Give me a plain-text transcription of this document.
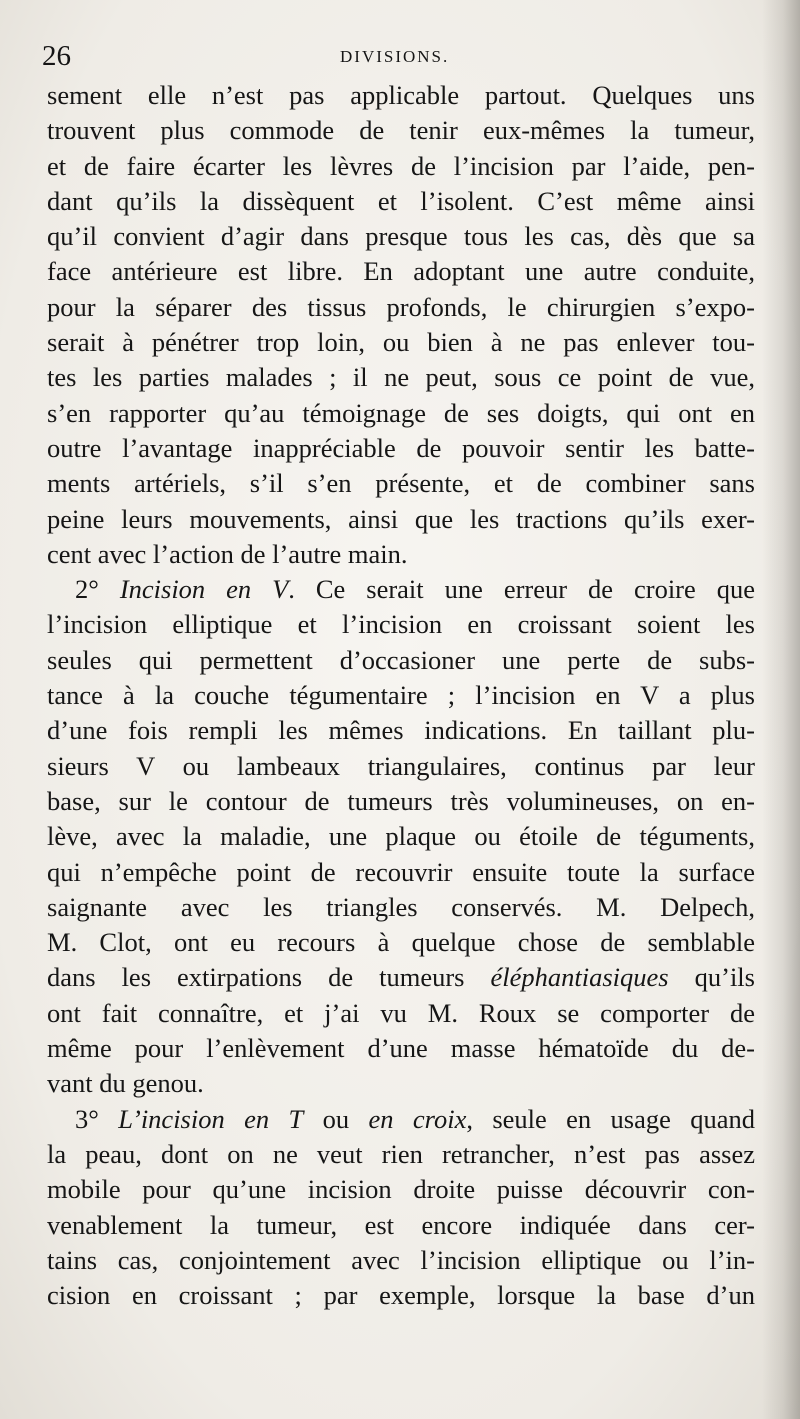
26	DIVISIONS.
sement elle n’est pas applicable partout. Quelques uns
trouvent plus commode de tenir eux-mêmes la tumeur,
et de faire écarter les lèvres de l’incision par l’aide, pen-
dant qu’ils la dissèquent et l’isolent. C’est même ainsi
qu’il convient d’agir dans presque tous les cas, dès que sa
face antérieure est libre. En adoptant une autre conduite,
pour la séparer des tissus profonds, le chirurgien s’expo-
serait à pénétrer trop loin, ou bien à ne pas enlever tou-
tes les parties malades ; il ne peut, sous ce point de vue,
s’en rapporter qu’au témoignage de ses doigts, qui ont en
outre l’avantage inappréciable de pouvoir sentir les batte-
ments artériels, s’il s’en présente, et de combiner sans
peine leurs mouvements, ainsi que les tractions qu’ils exer-
cent avec l’action de l’autre main.
2° Incision en V. Ce serait une erreur de croire que
l’incision elliptique et l’incision en croissant soient les
seules qui permettent d’occasioner une perte de subs-
tance à la couche tégumentaire ; l’incision en V a plus
d’une fois rempli les mêmes indications. En taillant plu-
sieurs V ou lambeaux triangulaires, continus par leur
base, sur le contour de tumeurs très volumineuses, on en-
lève, avec la maladie, une plaque ou étoile de téguments,
qui n’empêche point de recouvrir ensuite toute la surface
saignante avec les triangles conservés. M. Delpech,
M. Clot, ont eu recours à quelque chose de semblable
dans les extirpations de tumeurs éléphantiasiques qu’ils
ont fait connaître, et j’ai vu M. Roux se comporter de
même pour l’enlèvement d’une masse hématoïde du de-
vant du genou.
3° L’incision en T ou en croix, seule en usage quand
la peau, dont on ne veut rien retrancher, n’est pas assez
mobile pour qu’une incision droite puisse découvrir con-
venablement la tumeur, est encore indiquée dans cer-
tains cas, conjointement avec l’incision elliptique ou l’in-
cision en croissant ; par exemple, lorsque la base d’un
